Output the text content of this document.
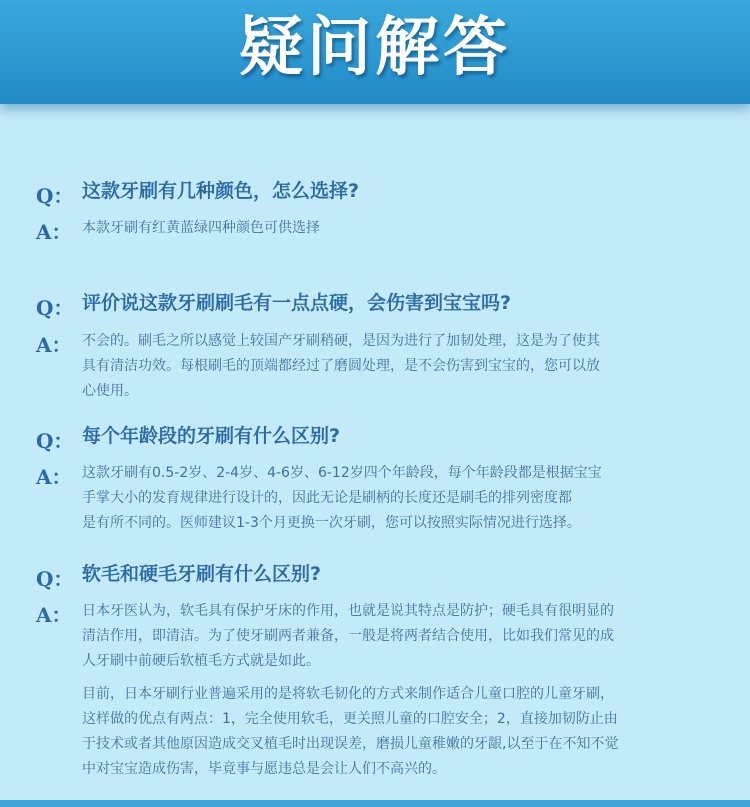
疑问解答
Q： 这款牙刷有几种颜色，怎么选择?
A： 本款牙刷有红黄蓝绿四种颜色可供选择

Q： 评价说这款牙刷刷毛有一点点硬，会伤害到宝宝吗?
A： 不会的。刷毛之所以感觉上较国产牙刷稍硬，是因为进行了加韧处理，这是为了使其

具有清洁功效。每根刷毛的顶端都经过了磨圆处理，是不会伤害到宝宝的，您可以放

心使用。

Q： 每个年龄段的牙刷有什么区别?
A： 这款牙刷有0.5-2岁、2-4岁、4-6岁、6-12岁四个年龄段，每个年龄段都是根据宝宝

手掌大小的发育规律进行设计的，因此无论是刷柄的长度还是刷毛的排列密度都

是有所不同的。医师建议1-3个月更换一次牙刷，您可以按照实际情况进行选择。

Q： 软毛和硬毛牙刷有什么区别?
A： 日本牙医认为，软毛具有保护牙床的作用，也就是说其特点是防护；硬毛具有很明显的

清洁作用，即清洁。为了使牙刷两者兼备，一般是将两者结合使用，比如我们常见的成

人牙刷中前硬后软植毛方式就是如此。

目前，日本牙刷行业普遍采用的是将软毛韧化的方式来制作适合儿童口腔的儿童牙刷，

这样做的优点有两点：1，完全使用软毛，更关照儿童的口腔安全；2，直接加韧防止由

于技术或者其他原因造成交叉植毛时出现误差，磨损儿童稚嫩的牙龈,以至于在不知不觉

中对宝宝造成伤害，毕竟事与愿违总是会让人们不高兴的。
